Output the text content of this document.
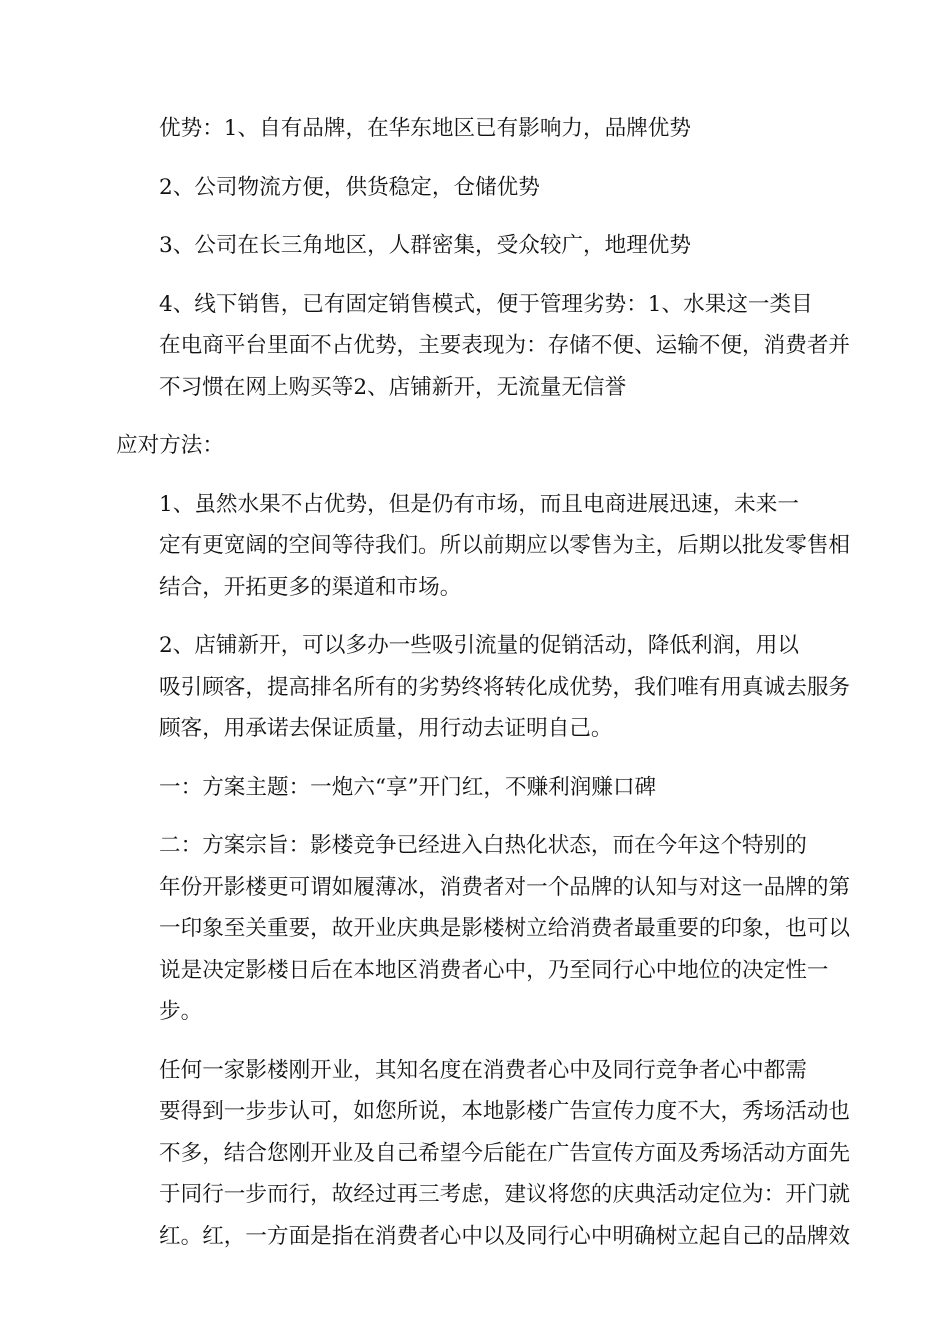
优势：1、自有品牌，在华东地区已有影响力，品牌优势

2、公司物流方便，供货稳定，仓储优势

3、公司在长三角地区，人群密集，受众较广，地理优势

4、线下销售，已有固定销售模式，便于管理劣势：1、水果这一类目
在电商平台里面不占优势，主要表现为：存储不便、运输不便，消费者并
不习惯在网上购买等2、店铺新开，无流量无信誉

应对方法：

1、虽然水果不占优势，但是仍有市场，而且电商进展迅速，未来一
定有更宽阔的空间等待我们。所以前期应以零售为主，后期以批发零售相
结合，开拓更多的渠道和市场。

2、店铺新开，可以多办一些吸引流量的促销活动，降低利润，用以
吸引顾客，提高排名所有的劣势终将转化成优势，我们唯有用真诚去服务
顾客，用承诺去保证质量，用行动去证明自己。

一：方案主题：一炮六“享”开门红，不赚利润赚口碑

二：方案宗旨：影楼竞争已经进入白热化状态，而在今年这个特别的
年份开影楼更可谓如履薄冰，消费者对一个品牌的认知与对这一品牌的第
一印象至关重要，故开业庆典是影楼树立给消费者最重要的印象，也可以
说是决定影楼日后在本地区消费者心中，乃至同行心中地位的决定性一
步。

任何一家影楼刚开业，其知名度在消费者心中及同行竞争者心中都需
要得到一步步认可，如您所说，本地影楼广告宣传力度不大，秀场活动也
不多，结合您刚开业及自己希望今后能在广告宣传方面及秀场活动方面先
于同行一步而行，故经过再三考虑，建议将您的庆典活动定位为：开门就
红。红，一方面是指在消费者心中以及同行心中明确树立起自己的品牌效
